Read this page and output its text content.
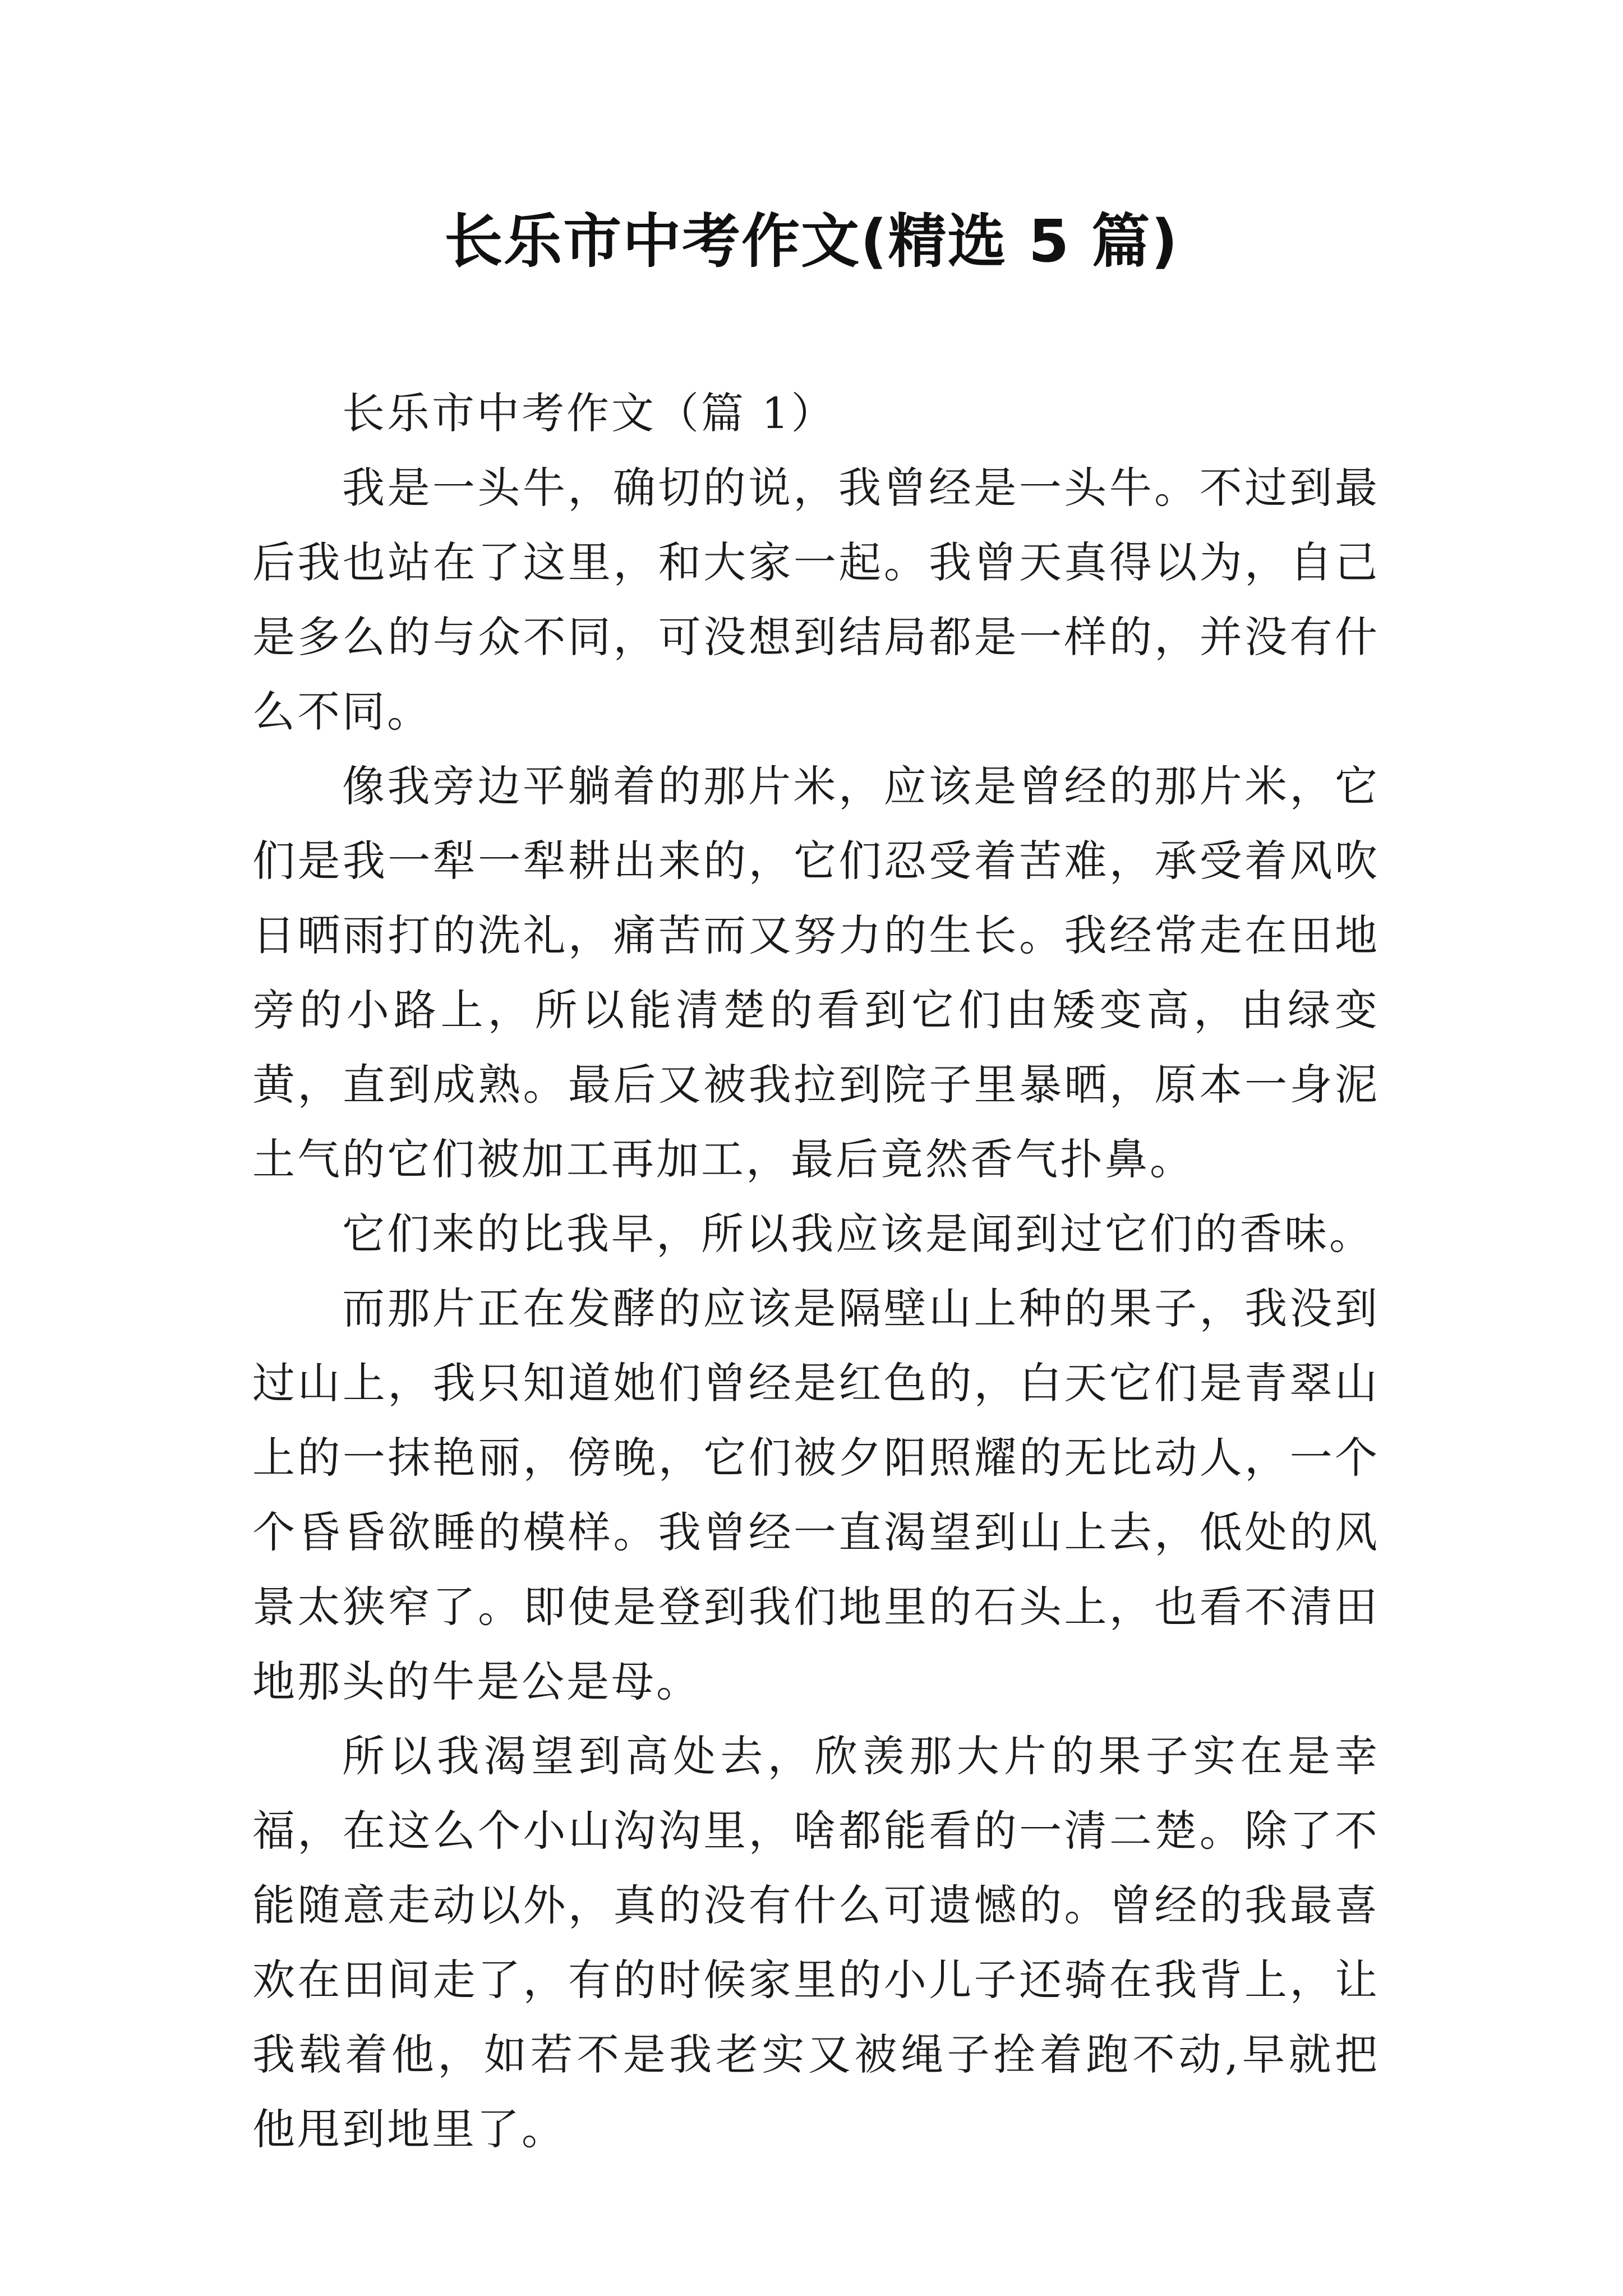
长乐市中考作文(精选 5 篇)

长乐市中考作文（篇 1）

我是一头牛，确切的说，我曾经是一头牛。不过到最后我也站在了这里，和大家一起。我曾天真得以为，自己是多么的与众不同，可没想到结局都是一样的，并没有什么不同。

像我旁边平躺着的那片米，应该是曾经的那片米，它们是我一犁一犁耕出来的，它们忍受着苦难，承受着风吹日晒雨打的洗礼，痛苦而又努力的生长。我经常走在田地旁的小路上，所以能清楚的看到它们由矮变高，由绿变黄，直到成熟。最后又被我拉到院子里暴晒，原本一身泥土气的它们被加工再加工，最后竟然香气扑鼻。

它们来的比我早，所以我应该是闻到过它们的香味。

而那片正在发酵的应该是隔壁山上种的果子，我没到过山上，我只知道她们曾经是红色的，白天它们是青翠山上的一抹艳丽，傍晚，它们被夕阳照耀的无比动人，一个个昏昏欲睡的模样。我曾经一直渴望到山上去，低处的风景太狭窄了。即使是登到我们地里的石头上，也看不清田地那头的牛是公是母。

所以我渴望到高处去，欣羡那大片的果子实在是幸福，在这么个小山沟沟里，啥都能看的一清二楚。除了不能随意走动以外，真的没有什么可遗憾的。曾经的我最喜欢在田间走了，有的时候家里的小儿子还骑在我背上，让我载着他，如若不是我老实又被绳子拴着跑不动,早就把他甩到地里了。
